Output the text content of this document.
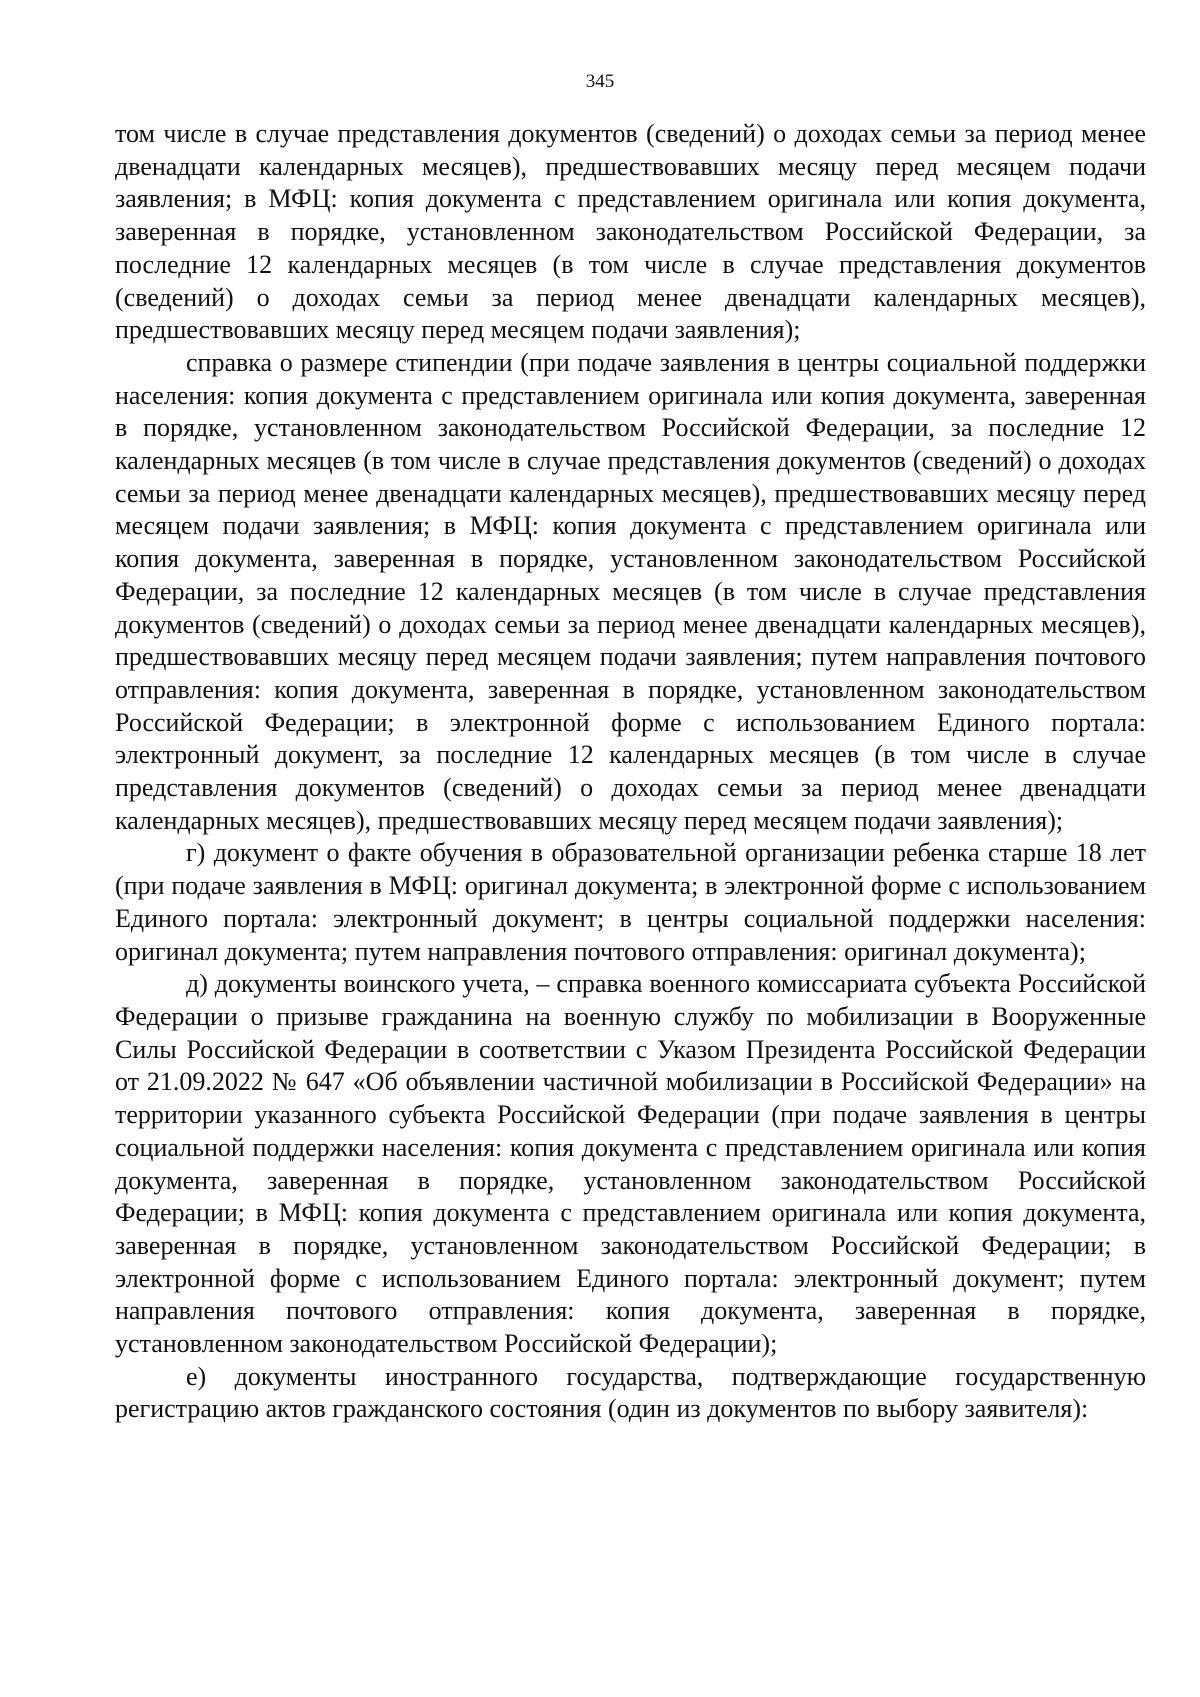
345

том числе в случае представления документов (сведений) о доходах семьи за период менее двенадцати календарных месяцев), предшествовавших месяцу перед месяцем подачи заявления; в МФЦ: копия документа с представлением оригинала или копия документа, заверенная в порядке, установленном законодательством Российской Федерации, за последние 12 календарных месяцев (в том числе в случае представления документов (сведений) о доходах семьи за период менее двенадцати календарных месяцев), предшествовавших месяцу перед месяцем подачи заявления);

справка о размере стипендии (при подаче заявления в центры социальной поддержки населения: копия документа с представлением оригинала или копия документа, заверенная в порядке, установленном законодательством Российской Федерации, за последние 12 календарных месяцев (в том числе в случае представления документов (сведений) о доходах семьи за период менее двенадцати календарных месяцев), предшествовавших месяцу перед месяцем подачи заявления; в МФЦ: копия документа с представлением оригинала или копия документа, заверенная в порядке, установленном законодательством Российской Федерации, за последние 12 календарных месяцев (в том числе в случае представления документов (сведений) о доходах семьи за период менее двенадцати календарных месяцев), предшествовавших месяцу перед месяцем подачи заявления; путем направления почтового отправления: копия документа, заверенная в порядке, установленном законодательством Российской Федерации; в электронной форме с использованием Единого портала: электронный документ, за последние 12 календарных месяцев (в том числе в случае представления документов (сведений) о доходах семьи за период менее двенадцати календарных месяцев), предшествовавших месяцу перед месяцем подачи заявления);

г) документ о факте обучения в образовательной организации ребенка старше 18 лет (при подаче заявления в МФЦ: оригинал документа; в электронной форме с использованием Единого портала: электронный документ; в центры социальной поддержки населения: оригинал документа; путем направления почтового отправления: оригинал документа);

д) документы воинского учета, – справка военного комиссариата субъекта Российской Федерации о призыве гражданина на военную службу по мобилизации в Вооруженные Силы Российской Федерации в соответствии с Указом Президента Российской Федерации от 21.09.2022 № 647 «Об объявлении частичной мобилизации в Российской Федерации» на территории указанного субъекта Российской Федерации (при подаче заявления в центры социальной поддержки населения: копия документа с представлением оригинала или копия документа, заверенная в порядке, установленном законодательством Российской Федерации; в МФЦ: копия документа с представлением оригинала или копия документа, заверенная в порядке, установленном законодательством Российской Федерации; в электронной форме с использованием Единого портала: электронный документ; путем направления почтового отправления: копия документа, заверенная в порядке, установленном законодательством Российской Федерации);

е) документы иностранного государства, подтверждающие государственную регистрацию актов гражданского состояния (один из документов по выбору заявителя):
